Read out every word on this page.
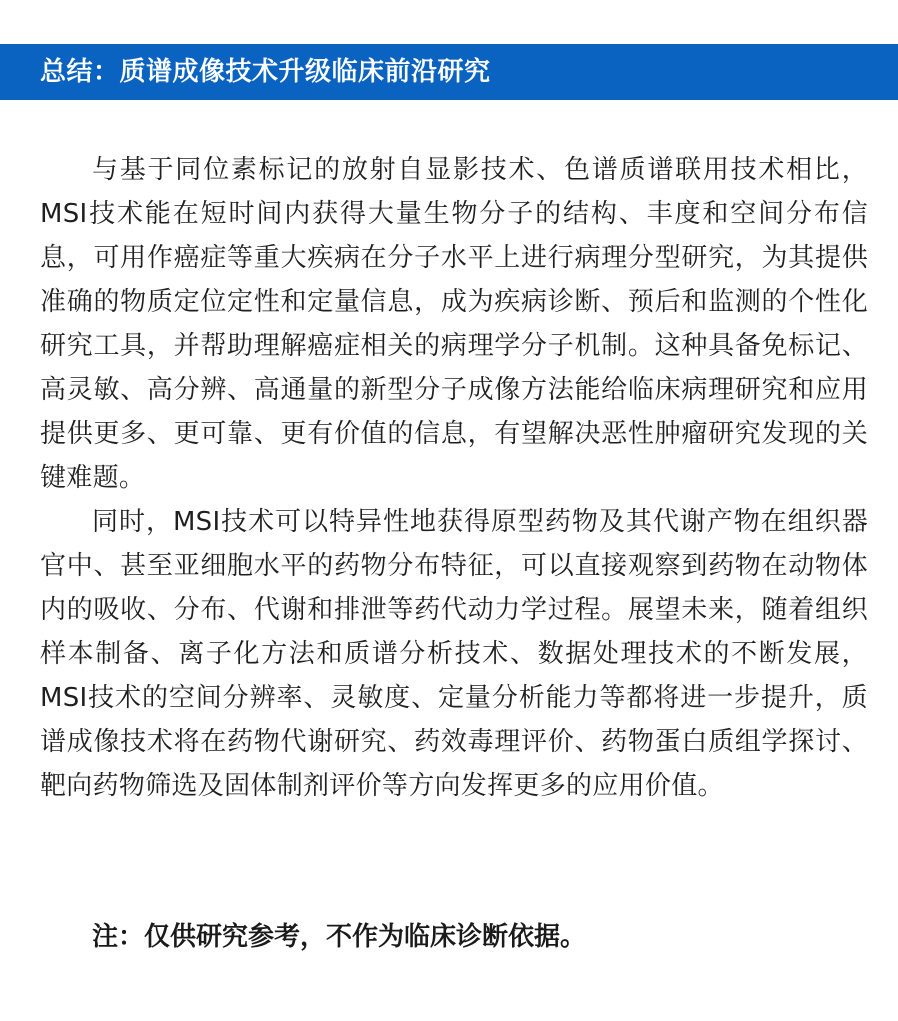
总结：质谱成像技术升级临床前沿研究

与基于同位素标记的放射自显影技术、色谱质谱联用技术相比，MSI技术能在短时间内获得大量生物分子的结构、丰度和空间分布信息，可用作癌症等重大疾病在分子水平上进行病理分型研究，为其提供准确的物质定位定性和定量信息，成为疾病诊断、预后和监测的个性化研究工具，并帮助理解癌症相关的病理学分子机制。这种具备免标记、高灵敏、高分辨、高通量的新型分子成像方法能给临床病理研究和应用提供更多、更可靠、更有价值的信息，有望解决恶性肿瘤研究发现的关键难题。

同时，MSI技术可以特异性地获得原型药物及其代谢产物在组织器官中、甚至亚细胞水平的药物分布特征，可以直接观察到药物在动物体内的吸收、分布、代谢和排泄等药代动力学过程。展望未来，随着组织样本制备、离子化方法和质谱分析技术、数据处理技术的不断发展，MSI技术的空间分辨率、灵敏度、定量分析能力等都将进一步提升，质谱成像技术将在药物代谢研究、药效毒理评价、药物蛋白质组学探讨、靶向药物筛选及固体制剂评价等方向发挥更多的应用价值。

注：仅供研究参考，不作为临床诊断依据。
